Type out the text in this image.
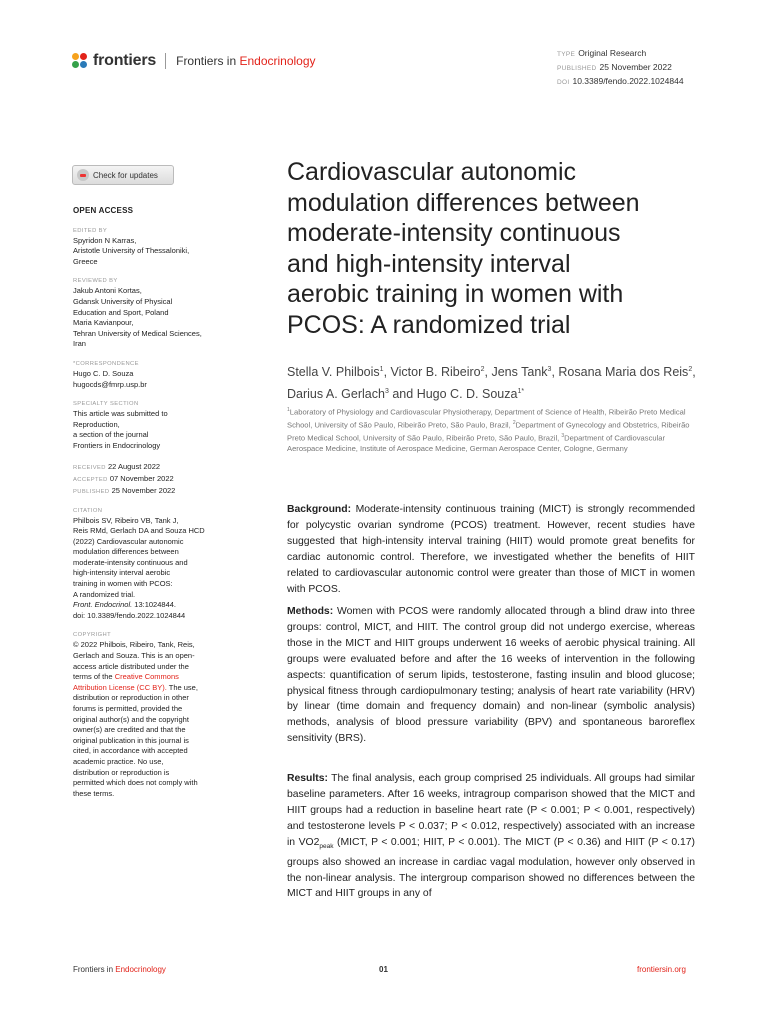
frontiers Frontiers in Endocrinology	TYPE Original Research
PUBLISHED 25 November 2022
DOI 10.3389/fendo.2022.1024844
Check for updates
OPEN ACCESS
EDITED BY
Spyridon N Karras,
Aristotle University of Thessaloniki,
Greece
REVIEWED BY
Jakub Antoni Kortas,
Gdansk University of Physical
Education and Sport, Poland
Maria Kavianpour,
Tehran University of Medical Sciences,
Iran
*CORRESPONDENCE
Hugo C. D. Souza
hugocds@fmrp.usp.br
SPECIALTY SECTION
This article was submitted to
Reproduction,
a section of the journal
Frontiers in Endocrinology
RECEIVED 22 August 2022
ACCEPTED 07 November 2022
PUBLISHED 25 November 2022
CITATION
Philbois SV, Ribeiro VB, Tank J,
Reis RMd, Gerlach DA and Souza HCD
(2022) Cardiovascular autonomic
modulation differences between
moderate-intensity continuous and
high-intensity interval aerobic
training in women with PCOS:
A randomized trial.
Front. Endocrinol. 13:1024844.
doi: 10.3389/fendo.2022.1024844
COPYRIGHT
© 2022 Philbois, Ribeiro, Tank, Reis,
Gerlach and Souza. This is an open-
access article distributed under the
terms of the Creative Commons
Attribution License (CC BY). The use,
distribution or reproduction in other
forums is permitted, provided the
original author(s) and the copyright
owner(s) are credited and that the
original publication in this journal is
cited, in accordance with accepted
academic practice. No use,
distribution or reproduction is
permitted which does not comply with
these terms.
Cardiovascular autonomic
modulation differences between
moderate-intensity continuous
and high-intensity interval
aerobic training in women with
PCOS: A randomized trial
Stella V. Philbois$^1$, Victor B. Ribeiro$^2$, Jens Tank$^3$, Rosana Maria dos Reis$^2$, Darius A. Gerlach$^3$ and Hugo C. D. Souza$^{1*}$
$^1$Laboratory of Physiology and Cardiovascular Physiotherapy, Department of Science of Health, Ribeirão Preto Medical School, University of São Paulo, Ribeirão Preto, São Paulo, Brazil, $^2$Department of Gynecology and Obstetrics, Ribeirão Preto Medical School, University of São Paulo, Ribeirão Preto, São Paulo, Brazil, $^3$Department of Cardiovascular Aerospace Medicine, Institute of Aerospace Medicine, German Aerospace Center, Cologne, Germany
Background: Moderate-intensity continuous training (MICT) is strongly recommended for polycystic ovarian syndrome (PCOS) treatment. However, recent studies have suggested that high-intensity interval training (HIIT) would promote great benefits for cardiac autonomic control. Therefore, we investigated whether the benefits of HIIT related to cardiovascular autonomic control were greater than those of MICT in women with PCOS.
Methods: Women with PCOS were randomly allocated through a blind draw into three groups: control, MICT, and HIIT. The control group did not undergo exercise, whereas those in the MICT and HIIT groups underwent 16 weeks of aerobic physical training. All groups were evaluated before and after the 16 weeks of intervention in the following aspects: quantification of serum lipids, testosterone, fasting insulin and blood glucose; physical fitness through cardiopulmonary testing; analysis of heart rate variability (HRV) by linear (time domain and frequency domain) and non-linear (symbolic analysis) methods, analysis of blood pressure variability (BPV) and spontaneous baroreflex sensitivity (BRS).
Results: The final analysis, each group comprised 25 individuals. All groups had similar baseline parameters. After 16 weeks, intragroup comparison showed that the MICT and HIIT groups had a reduction in baseline heart rate (P < 0.001; P < 0.001, respectively) and testosterone levels P < 0.037; P < 0.012, respectively) associated with an increase in $VO2_{peak}$ (MICT, P < 0.001; HIIT, P < 0.001). The MICT (P < 0.36) and HIIT (P < 0.17) groups also showed an increase in cardiac vagal modulation, however only observed in the non-linear analysis. The intergroup comparison showed no differences between the MICT and HIIT groups in any of
Frontiers in Endocrinology	01	frontiersin.org
